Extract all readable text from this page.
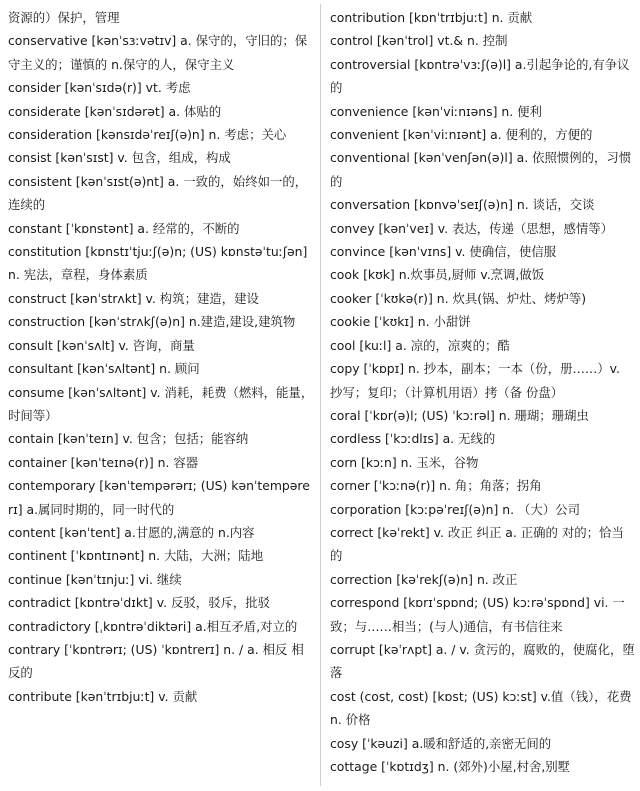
资源的）保护，管理

conservative [kənˈsɜːvətɪv] a. 保守的，守旧的；保守主义的；谨慎的 n.保守的人，保守主义

consider [kənˈsɪdə(r)] vt. 考虑

considerate [kənˈsɪdərət] a. 体贴的

consideration [kənsɪdəˈreɪʃ(ə)n] n. 考虑；关心

consist [kənˈsɪst] v. 包含，组成，构成

consistent [kənˈsɪst(ə)nt] a. 一致的，始终如一的，连续的

constant [ˈkɒnstənt] a. 经常的，不断的

constitution [kɒnstɪˈtjuːʃ(ə)n; (US) kɒnstəˈtuːʃən] n. 宪法，章程，身体素质

construct [kənˈstrʌkt] v. 构筑；建造，建设

construction [kənˈstrʌkʃ(ə)n] n.建造,建设,建筑物

consult [kənˈsʌlt] v. 咨询，商量

consultant [kənˈsʌltənt] n. 顾问

consume [kənˈsʌltənt] v. 消耗，耗费（燃料，能量，时间等）

contain [kənˈteɪn] v. 包含；包括；能容纳

container [kənˈteɪnə(r)] n. 容器

contemporary [kənˈtempərərɪ; (US) kənˈtempərerɪ] a.属同时期的，同一时代的

content [kənˈtent] a.甘愿的,满意的 n.内容

continent [ˈkɒntɪnənt] n. 大陆，大洲；陆地

continue [kənˈtɪnjuː] vi. 继续

contradict [kɒntrəˈdɪkt] v. 反驳，驳斥，批驳

contradictory [ˌkɒntrəˈdiktəri] a.相互矛盾,对立的

contrary [ˈkɒntrərɪ; (US) ˈkɒntrerɪ] n. / a. 相反 相反的

contribute [kənˈtrɪbjuːt] v. 贡献

contribution [kɒnˈtrɪbjuːt] n. 贡献

control [kənˈtrol] vt.& n. 控制

controversial [kɒntrəˈvɜːʃ(ə)l] a.引起争论的,有争议的

convenience [kənˈviːnɪəns] n. 便利

convenient [kənˈviːnɪənt] a. 便利的，方便的

conventional [kənˈvenʃən(ə)l] a. 依照惯例的，习惯的

conversation [kɒnvəˈseɪʃ(ə)n] n. 谈话，交谈

convey [kənˈveɪ] v. 表达，传递（思想，感情等）

convince [kənˈvɪns] v. 使确信，使信服

cook [kʊk] n.炊事员,厨师 v.烹调,做饭

cooker [ˈkʊkə(r)] n. 炊具(锅、炉灶、烤炉等)

cookie [ˈkʊkɪ] n. 小甜饼

cool [kuːl] a. 凉的，凉爽的；酷

copy [ˈkɒpɪ] n. 抄本，副本；一本（份，册……）v. 抄写；复印；（计算机用语）拷（备 份盘）

coral [ˈkɒr(ə)l; (US) ˈkɔːrəl] n. 珊瑚；珊瑚虫

cordless [ˈkɔːdlɪs] a. 无线的

corn [kɔːn] n. 玉米，谷物

corner [ˈkɔːnə(r)] n. 角；角落；拐角

corporation [kɔːpəˈreɪʃ(ə)n] n. （大）公司

correct [kəˈrekt] v. 改正 纠正 a. 正确的 对的；恰当的

correction [kəˈrekʃ(ə)n] n. 改正

correspond [kɒrɪˈspɒnd; (US) kɔːrəˈspɒnd] vi. 一致；与……相当；(与人)通信，有书信往来

corrupt [kəˈrʌpt] a. / v. 贪污的，腐败的，使腐化，堕落

cost (cost, cost) [kɒst; (US) kɔːst] v.值（钱），花费 n. 价格

cosy [ˈkəuzi] a.暖和舒适的,亲密无间的

cottage [ˈkɒtɪdʒ] n. (郊外)小屋,村舍,别墅
